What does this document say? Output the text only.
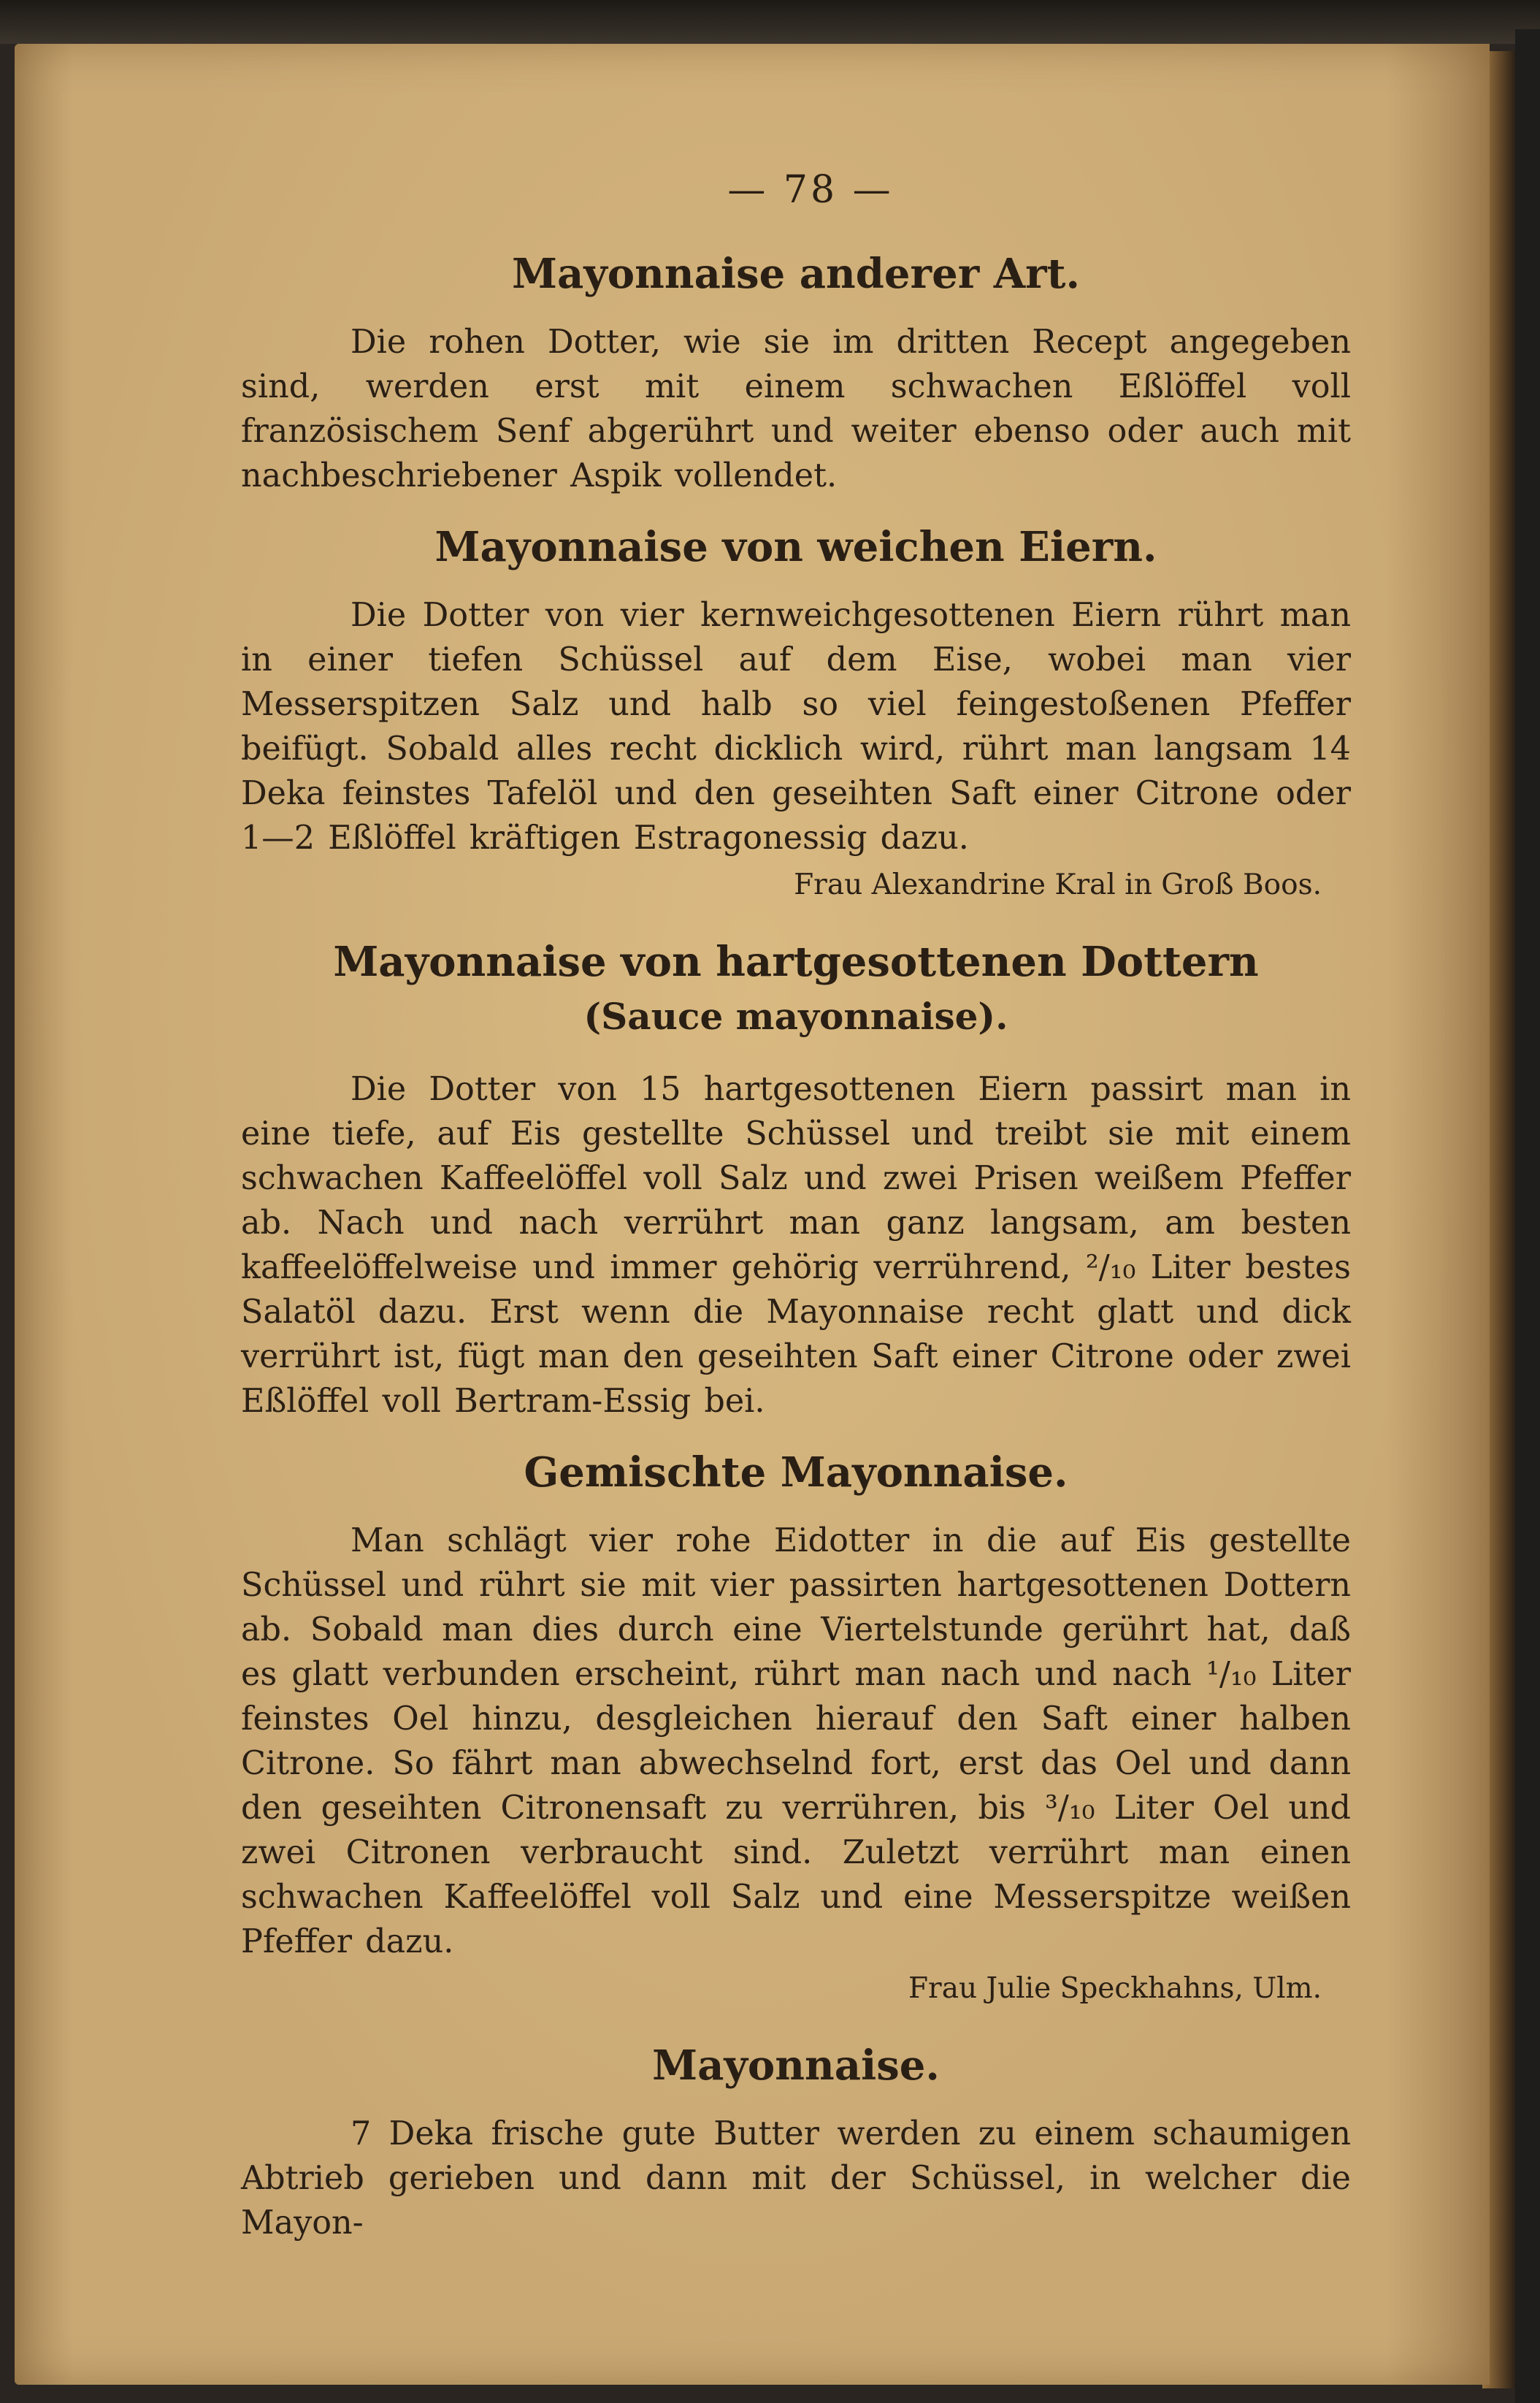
— 78 —
Mayonnaise anderer Art.

Die rohen Dotter, wie sie im dritten Recept angegeben sind, werden erst mit einem schwachen Eßlöffel voll französischem Senf abgerührt und weiter ebenso oder auch mit nachbeschriebener Aspik vollendet.

Mayonnaise von weichen Eiern.

Die Dotter von vier kernweichgesottenen Eiern rührt man in einer tiefen Schüssel auf dem Eise, wobei man vier Messerspitzen Salz und halb so viel feingestoßenen Pfeffer beifügt. Sobald alles recht dicklich wird, rührt man langsam 14 Deka feinstes Tafelöl und den geseihten Saft einer Citrone oder 1—2 Eßlöffel kräftigen Estragonessig dazu.

Frau Alexandrine Kral in Groß Boos.
Mayonnaise von hartgesottenen Dottern
(Sauce mayonnaise).

Die Dotter von 15 hartgesottenen Eiern passirt man in eine tiefe, auf Eis gestellte Schüssel und treibt sie mit einem schwachen Kaffeelöffel voll Salz und zwei Prisen weißem Pfeffer ab. Nach und nach verrührt man ganz langsam, am besten kaffeelöffelweise und immer gehörig verrührend, ²/₁₀ Liter bestes Salatöl dazu. Erst wenn die Mayonnaise recht glatt und dick verrührt ist, fügt man den geseihten Saft einer Citrone oder zwei Eßlöffel voll Bertram-Essig bei.

Gemischte Mayonnaise.

Man schlägt vier rohe Eidotter in die auf Eis gestellte Schüssel und rührt sie mit vier passirten hartgesottenen Dottern ab. Sobald man dies durch eine Viertelstunde gerührt hat, daß es glatt verbunden erscheint, rührt man nach und nach ¹/₁₀ Liter feinstes Oel hinzu, desgleichen hierauf den Saft einer halben Citrone. So fährt man abwechselnd fort, erst das Oel und dann den geseihten Citronensaft zu verrühren, bis ³/₁₀ Liter Oel und zwei Citronen verbraucht sind. Zuletzt verrührt man einen schwachen Kaffeelöffel voll Salz und eine Messerspitze weißen Pfeffer dazu.

Frau Julie Speckhahns, Ulm.
Mayonnaise.

7 Deka frische gute Butter werden zu einem schaumigen Abtrieb gerieben und dann mit der Schüssel, in welcher die Mayon-
